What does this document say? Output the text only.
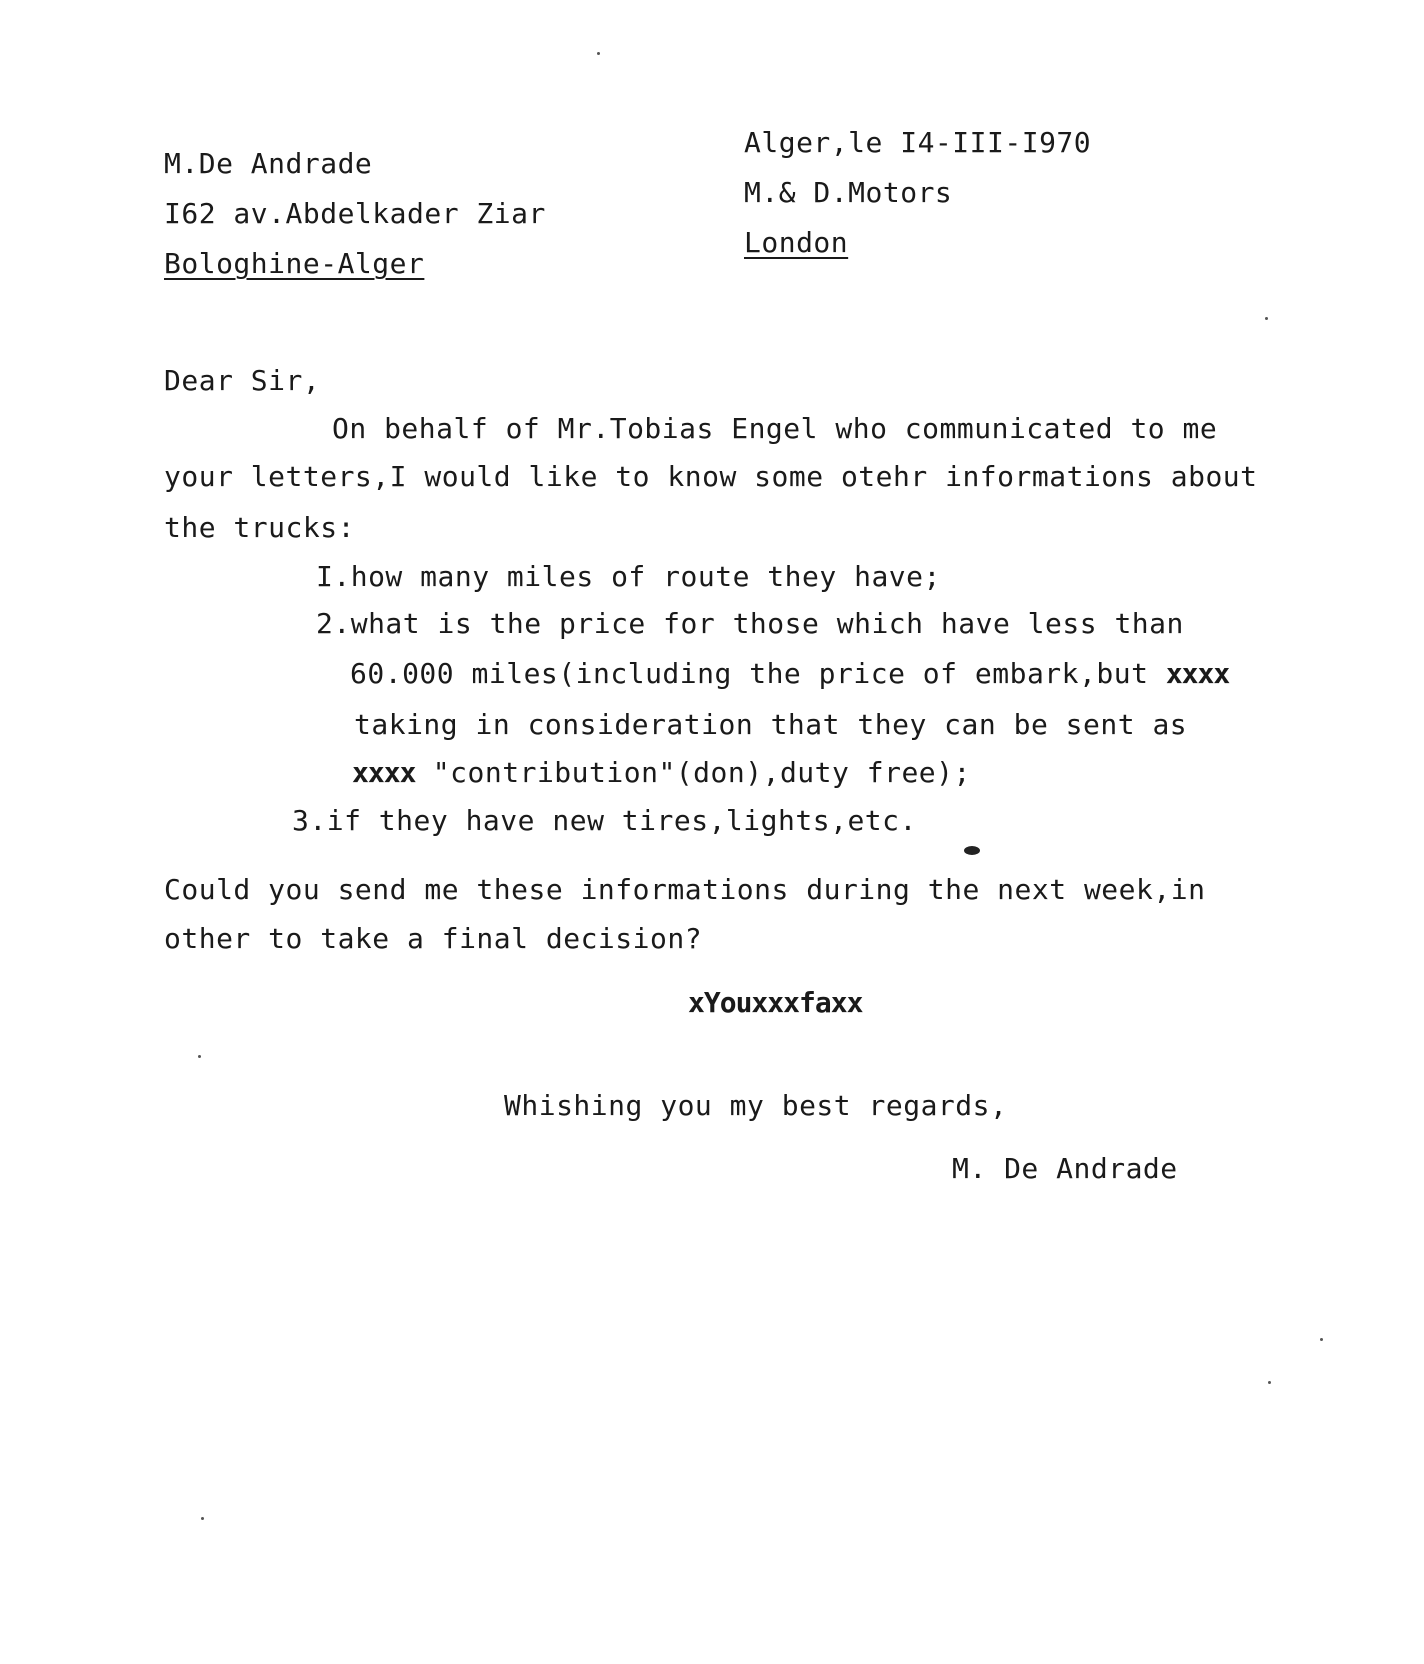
M.De Andrade
I62 av.Abdelkader Ziar
Bologhine-Alger
Alger,le I4-III-I970
M.& D.Motors
London
Dear Sir,
On behalf of Mr.Tobias Engel who communicated to me
your letters,I would like to know some otehr informations about
the trucks:
I.how many miles of route they have;
2.what is the price for those which have less than
60.000 miles(including the price of embark,but xxxx
taking in consideration that they can be sent as
xxxx "contribution"(don),duty free);
3.if they have new tires,lights,etc.
Could you send me these informations during the next week,in
other to take a final decision?
xYouxxxfaxx
Whishing you my best regards,
M. De Andrade
